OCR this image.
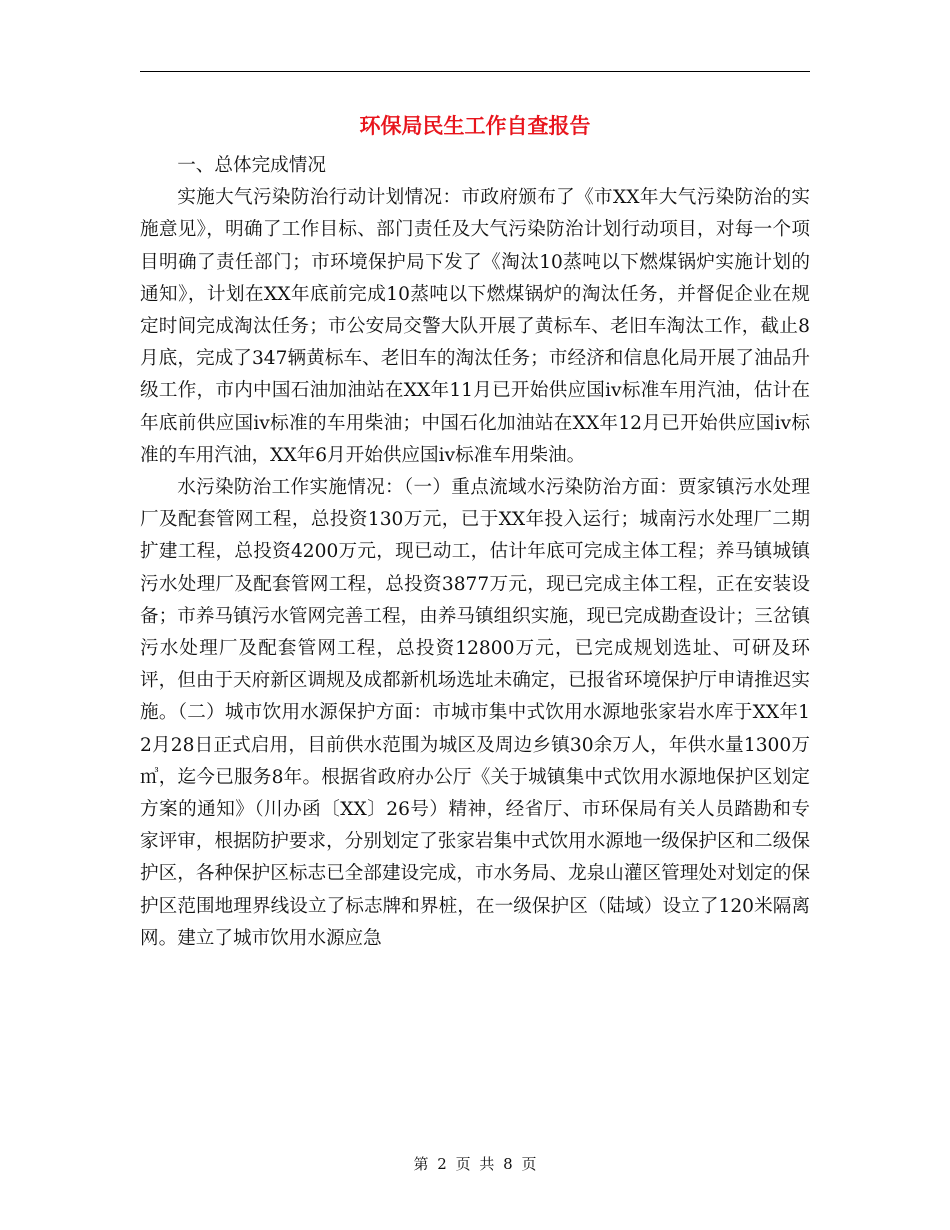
环保局民生工作自查报告

一、总体完成情况

实施大气污染防治行动计划情况：市政府颁布了《市XX年大气污染防治的实施意见》，明确了工作目标、部门责任及大气污染防治计划行动项目，对每一个项目明确了责任部门；市环境保护局下发了《淘汰10蒸吨以下燃煤锅炉实施计划的通知》，计划在XX年底前完成10蒸吨以下燃煤锅炉的淘汰任务，并督促企业在规定时间完成淘汰任务；市公安局交警大队开展了黄标车、老旧车淘汰工作，截止8月底，完成了347辆黄标车、老旧车的淘汰任务；市经济和信息化局开展了油品升级工作，市内中国石油加油站在XX年11月已开始供应国ⅳ标准车用汽油，估计在年底前供应国ⅳ标准的车用柴油；中国石化加油站在XX年12月已开始供应国ⅳ标准的车用汽油，XX年6月开始供应国ⅳ标准车用柴油。

水污染防治工作实施情况：（一）重点流域水污染防治方面：贾家镇污水处理厂及配套管网工程，总投资130万元，已于XX年投入运行；城南污水处理厂二期扩建工程，总投资4200万元，现已动工，估计年底可完成主体工程；养马镇城镇污水处理厂及配套管网工程，总投资3877万元，现已完成主体工程，正在安装设备；市养马镇污水管网完善工程，由养马镇组织实施，现已完成勘查设计；三岔镇污水处理厂及配套管网工程，总投资12800万元，已完成规划选址、可研及环评，但由于天府新区调规及成都新机场选址未确定，已报省环境保护厅申请推迟实施。（二）城市饮用水源保护方面：市城市集中式饮用水源地张家岩水库于XX年12月28日正式启用，目前供水范围为城区及周边乡镇30余万人，年供水量1300万㎥，迄今已服务8年。根据省政府办公厅《关于城镇集中式饮用水源地保护区划定方案的通知》（川办函〔XX〕26号）精神，经省厅、市环保局有关人员踏勘和专家评审，根据防护要求，分别划定了张家岩集中式饮用水源地一级保护区和二级保护区，各种保护区标志已全部建设完成，市水务局、龙泉山灌区管理处对划定的保护区范围地理界线设立了标志牌和界桩，在一级保护区（陆域）设立了120米隔离网。建立了城市饮用水源应急

第 2 页 共 8 页
